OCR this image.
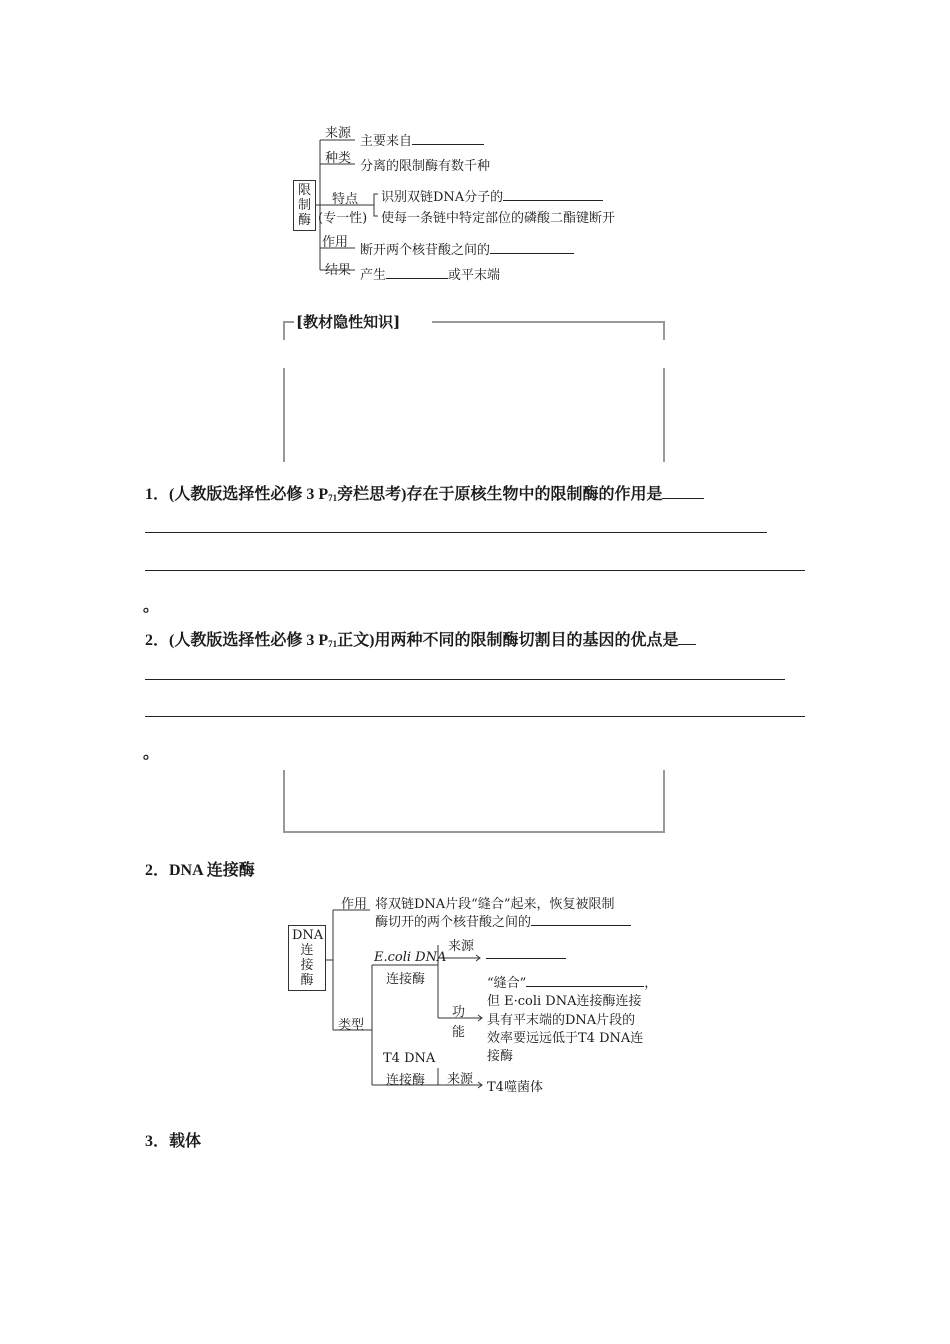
限
制
酶
来源
主要来自
种类
分离的限制酶有数千种
特点
(专一性)
识别双链DNA分子的
使每一条链中特定部位的磷酸二酯键断开
作用
断开两个核苷酸之间的
结果 产生	或平末端
[教材隐性知识]
1．(人教版选择性必修 3 $P_{71}$旁栏思考)存在于原核生物中的限制酶的作用是
。
2．(人教版选择性必修 3 $P_{71}$正文)用两种不同的限制酶切割目的基因的优点是
。
2．DNA 连接酶
DNA
连
接
酶
作用 将双链DNA片段“缝合”起来，恢复被限制
酶切开的两个核苷酸之间的
E.coli DNA
连接酶
来源
功
能
“缝合”	，
但 E·coli DNA连接酶连接
具有平末端的DNA片段的
效率要远远低于T4 DNA连
接酶
类型
T4 DNA
连接酶 来源
T4噬菌体
3．载体
